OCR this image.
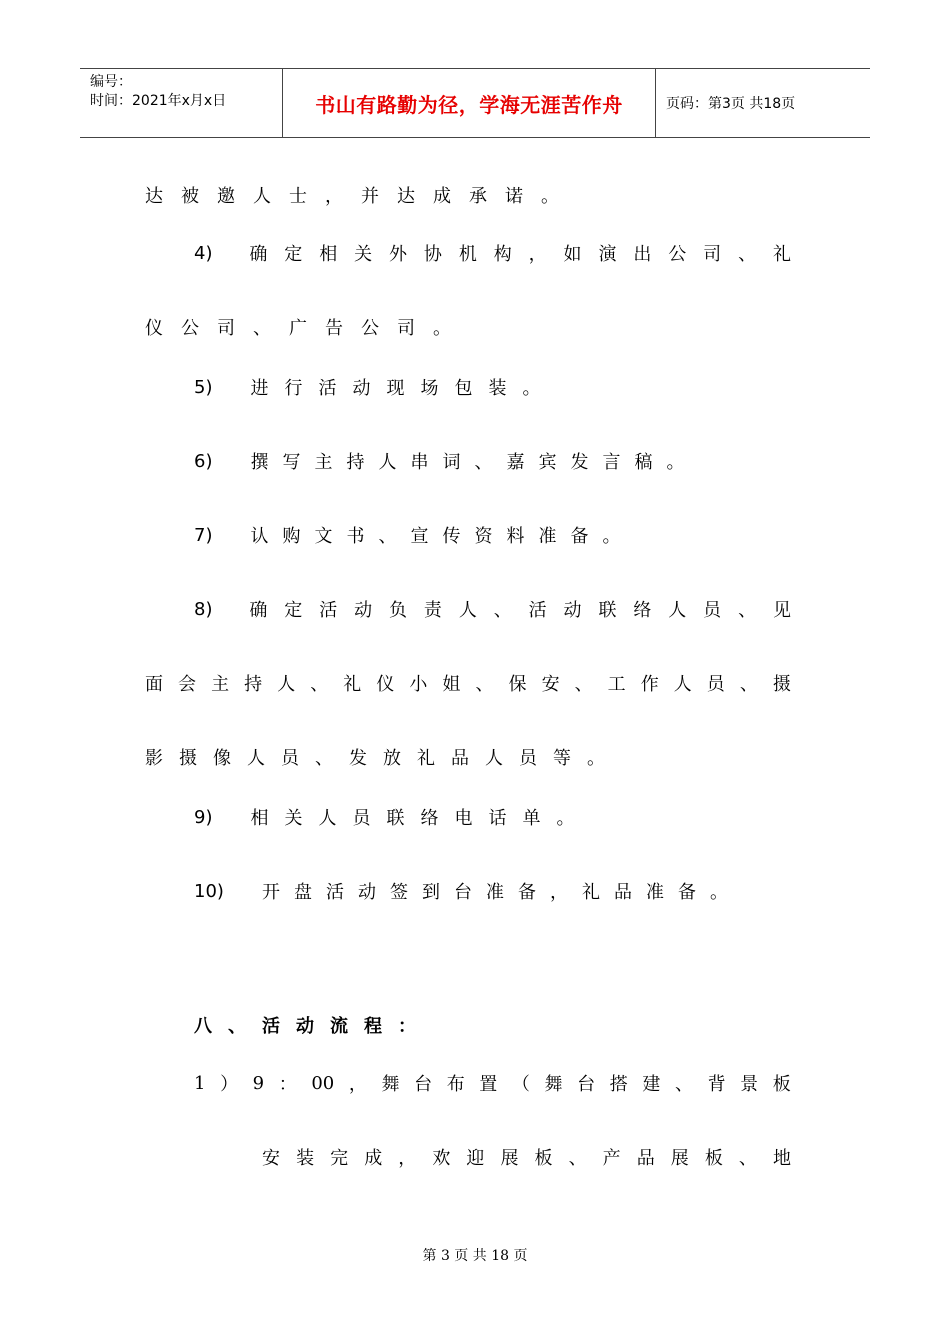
编号：
时间：2021年x月x日	书山有路勤为径，学海无涯苦作舟	页码：第3页 共18页
达 被 邀 人 士 ， 并 达 成 承 诺 。
4) 确 定 相 关 外 协 机 构 ， 如 演 出 公 司 、 礼
仪 公 司 、 广 告 公 司 。
5) 进 行 活 动 现 场 包 装 。
6) 撰 写 主 持 人 串 词 、 嘉 宾 发 言 稿 。
7) 认 购 文 书 、 宣 传 资 料 准 备 。
8) 确 定 活 动 负 责 人 、 活 动 联 络 人 员 、 见
面 会 主 持 人 、 礼 仪 小 姐 、 保 安 、 工 作 人 员 、 摄
影 摄 像 人 员 、 发 放 礼 品 人 员 等 。
9) 相 关 人 员 联 络 电 话 单 。
10) 开 盘 活 动 签 到 台 准 备 ， 礼 品 准 备 。
八 、 活 动 流 程 ：
1 ） 9 ： 00 ， 舞 台 布 置 （ 舞 台 搭 建 、 背 景 板
安 装 完 成 ， 欢 迎 展 板 、 产 品 展 板 、 地
第 3 页 共 18 页
